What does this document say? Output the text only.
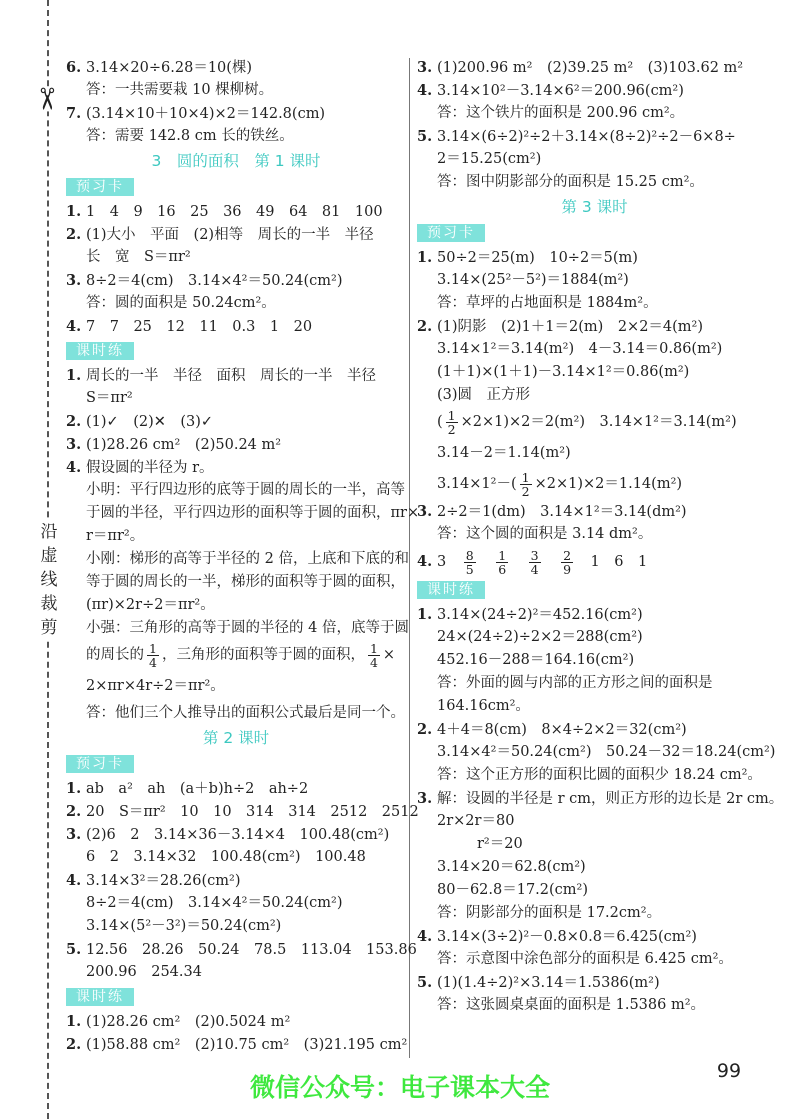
✂
沿虚线裁剪
6. 3.14×20÷6.28＝10(棵)
答：一共需要栽 10 棵柳树。
7. (3.14×10＋10×4)×2＝142.8(cm)
答：需要 142.8 cm 长的铁丝。
3　圆的面积　第 1 课时
预习卡
1. 1　4　9　16　25　36　49　64　81　100
2. (1)大小　平面　(2)相等　周长的一半　半径
长　宽　S＝πr²
3. 8÷2＝4(cm)　3.14×4²＝50.24(cm²)
答：圆的面积是 50.24cm²。
4. 7　7　25　12　11　0.3　1　20
课时练
1. 周长的一半　半径　面积　周长的一半　半径
S＝πr²
2. (1)✓　(2)✕　(3)✓
3. (1)28.26 cm²　(2)50.24 m²
4. 假设圆的半径为 r。
小明：平行四边形的底等于圆的周长的一半，高等
于圆的半径，平行四边形的面积等于圆的面积，πr×
r＝πr²。
小刚：梯形的高等于半径的 2 倍，上底和下底的和
等于圆的周长的一半，梯形的面积等于圆的面积，
(πr)×2r÷2＝πr²。
小强：三角形的高等于圆的半径的 4 倍，底等于圆
的周长的 $\frac{1}{4}$ ，三角形的面积等于圆的面积， $\frac{1}{4}$ ×
2×πr×4r÷2＝πr²。
答：他们三个人推导出的面积公式最后是同一个。
第 2 课时
预习卡
1. ab　a²　ah　(a＋b)h÷2　ah÷2
2. 20　S＝πr²　10　10　314　314　2512　2512
3. (2)6　2　3.14×36－3.14×4　100.48(cm²)
6　2　3.14×32　100.48(cm²)　100.48
4. 3.14×3²＝28.26(cm²)
8÷2＝4(cm)　3.14×4²＝50.24(cm²)
3.14×(5²－3²)＝50.24(cm²)
5. 12.56　28.26　50.24　78.5　113.04　153.86
200.96　254.34
课时练
1. (1)28.26 cm²　(2)0.5024 m²
2. (1)58.88 cm²　(2)10.75 cm²　(3)21.195 cm²
3. (1)200.96 m²　(2)39.25 m²　(3)103.62 m²
4. 3.14×10²－3.14×6²＝200.96(cm²)
答：这个铁片的面积是 200.96 cm²。
5. 3.14×(6÷2)²÷2＋3.14×(8÷2)²÷2－6×8÷
2＝15.25(cm²)
答：图中阴影部分的面积是 15.25 cm²。
第 3 课时
预习卡
1. 50÷2＝25(m)　10÷2＝5(m)
3.14×(25²－5²)＝1884(m²)
答：草坪的占地面积是 1884m²。
2. (1)阴影　(2)1＋1＝2(m)　2×2＝4(m²)
3.14×1²＝3.14(m²)　4－3.14＝0.86(m²)
(1＋1)×(1＋1)－3.14×1²＝0.86(m²)
(3)圆　正方形
( $\frac{1}{2} \times 2\times 1)\times 2=2(m^2)$　3.14×1²＝3.14(m²)
3.14－2＝1.14(m²)
$3.14\times 1^2-( \frac{1}{2} \times 2\times 1)\times 2=1.14(m^2)$
3. 2÷2＝1(dm)　3.14×1²＝3.14(dm²)
答：这个圆的面积是 3.14 dm²。
4. 3　 $\frac{8}{5}$
　 $\frac{1}{6}$
　 $\frac{3}{4}$
　 $\frac{2}{9}$ 　1　6　1
课时练
1. 3.14×(24÷2)²＝452.16(cm²)
24×(24÷2)÷2×2＝288(cm²)
452.16－288＝164.16(cm²)
答：外面的圆与内部的正方形之间的面积是
164.16cm²。
2. 4＋4＝8(cm)　8×4÷2×2＝32(cm²)
3.14×4²＝50.24(cm²)　50.24－32＝18.24(cm²)
答：这个正方形的面积比圆的面积少 18.24 cm²。
3. 解：设圆的半径是 r cm，则正方形的边长是 2r cm。
2r×2r＝80
r²＝20
3.14×20＝62.8(cm²)
80－62.8＝17.2(cm²)
答：阴影部分的面积是 17.2cm²。
4. 3.14×(3÷2)²－0.8×0.8＝6.425(cm²)
答：示意图中涂色部分的面积是 6.425 cm²。
5. (1)(1.4÷2)²×3.14＝1.5386(m²)
答：这张圆桌桌面的面积是 1.5386 m²。
微信公众号：电子课本大全
99
